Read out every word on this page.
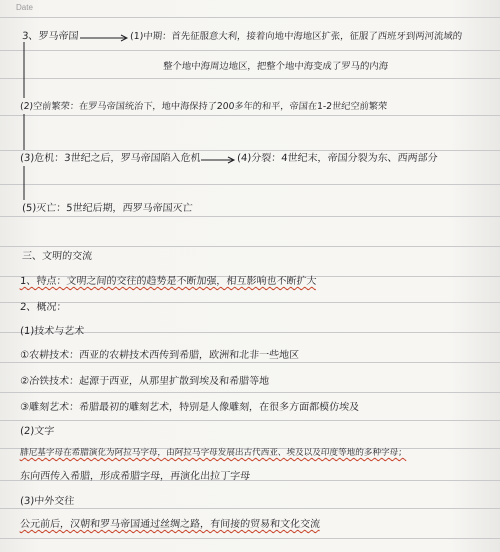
Date
3、罗马帝国	(1)中期：首先征服意大利，接着向地中海地区扩张，征服了西班牙到两河流域的
整个地中海周边地区，把整个地中海变成了罗马的内海
(2)空前繁荣：在罗马帝国统治下，地中海保持了200多年的和平，帝国在1-2世纪空前繁荣
(3)危机：3世纪之后，罗马帝国陷入危机	(4)分裂：4世纪末，帝国分裂为东、西两部分
(5)灭亡：5世纪后期，西罗马帝国灭亡
三、文明的交流
1、特点：文明之间的交往的趋势是不断加强，相互影响也不断扩大
2、概况：
(1)技术与艺术
①农耕技术：西亚的农耕技术西传到希腊，欧洲和北非一些地区
②冶铁技术：起源于西亚，从那里扩散到埃及和希腊等地
③雕刻艺术：希腊最初的雕刻艺术，特别是人像雕刻，在很多方面都模仿埃及
(2)文字
腓尼基字母在希腊演化为阿拉马字母，由阿拉马字母发展出古代西亚、埃及以及印度等地的多种字母；
东向西传入希腊，形成希腊字母，再演化出拉丁字母
(3)中外交往
公元前后，汉朝和罗马帝国通过丝绸之路，有间接的贸易和文化交流
